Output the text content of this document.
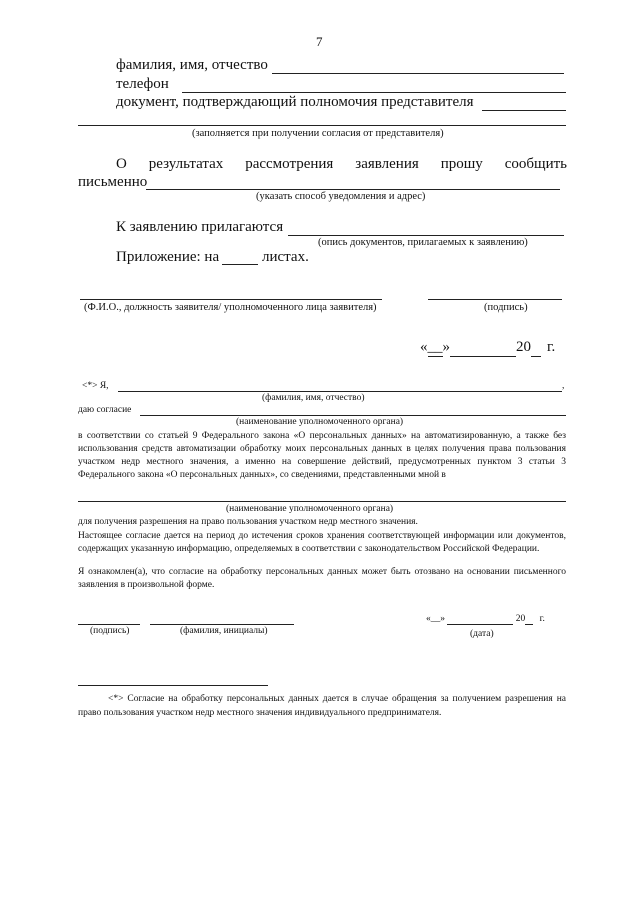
7
фамилия, имя, отчество
телефон
документ, подтверждающий полномочия представителя
(заполняется при получении согласия от представителя)
О результатах рассмотрения заявления прошу сообщить
письменно
(указать способ уведомления и адрес)
К заявлению прилагаются
(опись документов, прилагаемых к заявлению)
Приложение: на	листах.
(Ф.И.О., должность заявителя/ уполномоченного лица заявителя)	(подпись)
«__»	20 г.
<*> Я,	,
(фамилия, имя, отчество)
даю согласие
(наименование уполномоченного органа)
в соответствии со статьей 9 Федерального закона «О персональных данных» на автоматизированную, а также без использования средств автоматизации обработку моих персональных данных в целях получения права пользования участком недр местного значения, а именно на совершение действий, предусмотренных пунктом 3 статьи 3 Федерального закона «О персональных данных», со сведениями, представленными мной в
(наименование уполномоченного органа)
для получения разрешения на право пользования участком недр местного значения.
Настоящее согласие дается на период до истечения сроков хранения соответствующей информации или документов, содержащих указанную информацию, определяемых в соответствии с законодательством Российской Федерации.
Я ознакомлен(а), что согласие на обработку персональных данных может быть отозвано на основании письменного заявления в произвольной форме.
(подпись)	(фамилия, инициалы)
«__»	20 г.
(дата)
<*> Согласие на обработку персональных данных дается в случае обращения за получением разрешения на право пользования участком недр местного значения индивидуального предпринимателя.
